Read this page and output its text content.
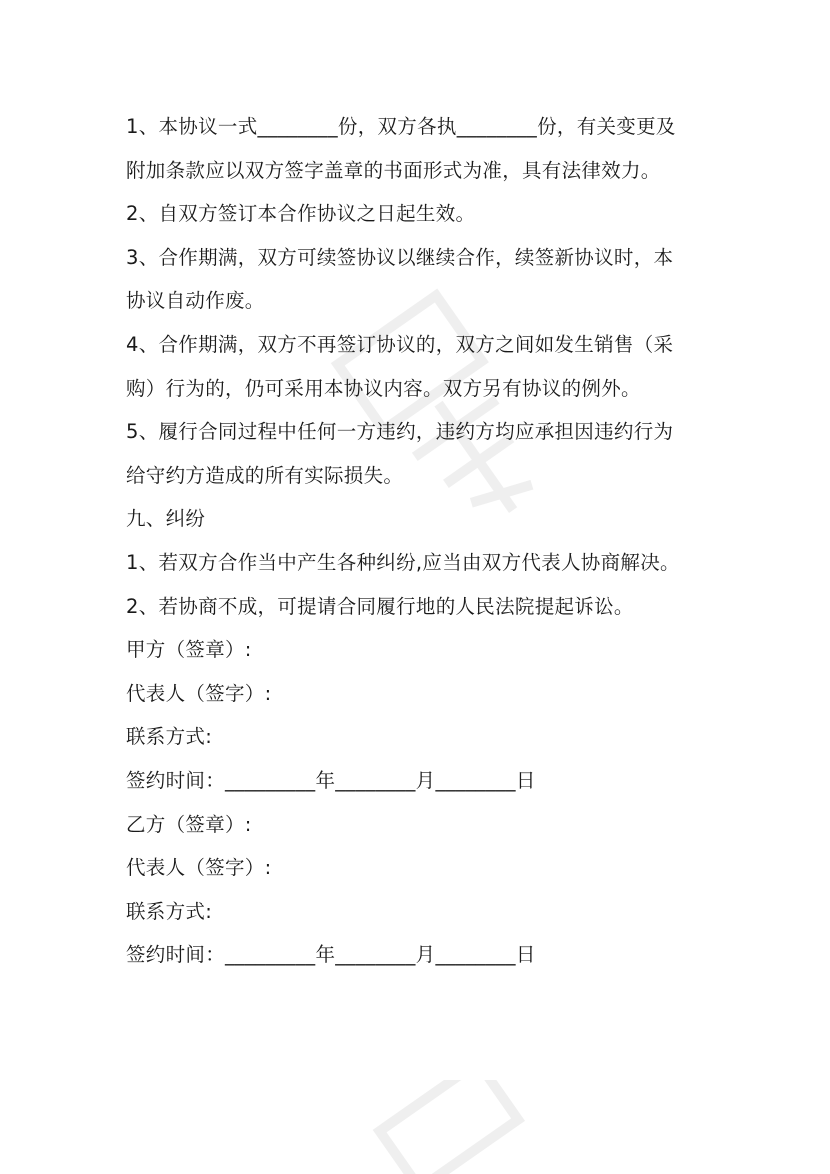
1、本协议一式________份，双方各执________份，有关变更及
附加条款应以双方签字盖章的书面形式为准，具有法律效力。
2、自双方签订本合作协议之日起生效。
3、合作期满，双方可续签协议以继续合作，续签新协议时，本
协议自动作废。
4、合作期满，双方不再签订协议的，双方之间如发生销售（采
购）行为的，仍可采用本协议内容。双方另有协议的例外。
5、履行合同过程中任何一方违约，违约方均应承担因违约行为
给守约方造成的所有实际损失。
九、纠纷
1、若双方合作当中产生各种纠纷,应当由双方代表人协商解决。
2、若协商不成，可提请合同履行地的人民法院提起诉讼。
甲方（签章）:
代表人（签字）:
联系方式:
签约时间：_________年________月________日
乙方（签章）:
代表人（签字）:
联系方式:
签约时间：_________年________月________日
